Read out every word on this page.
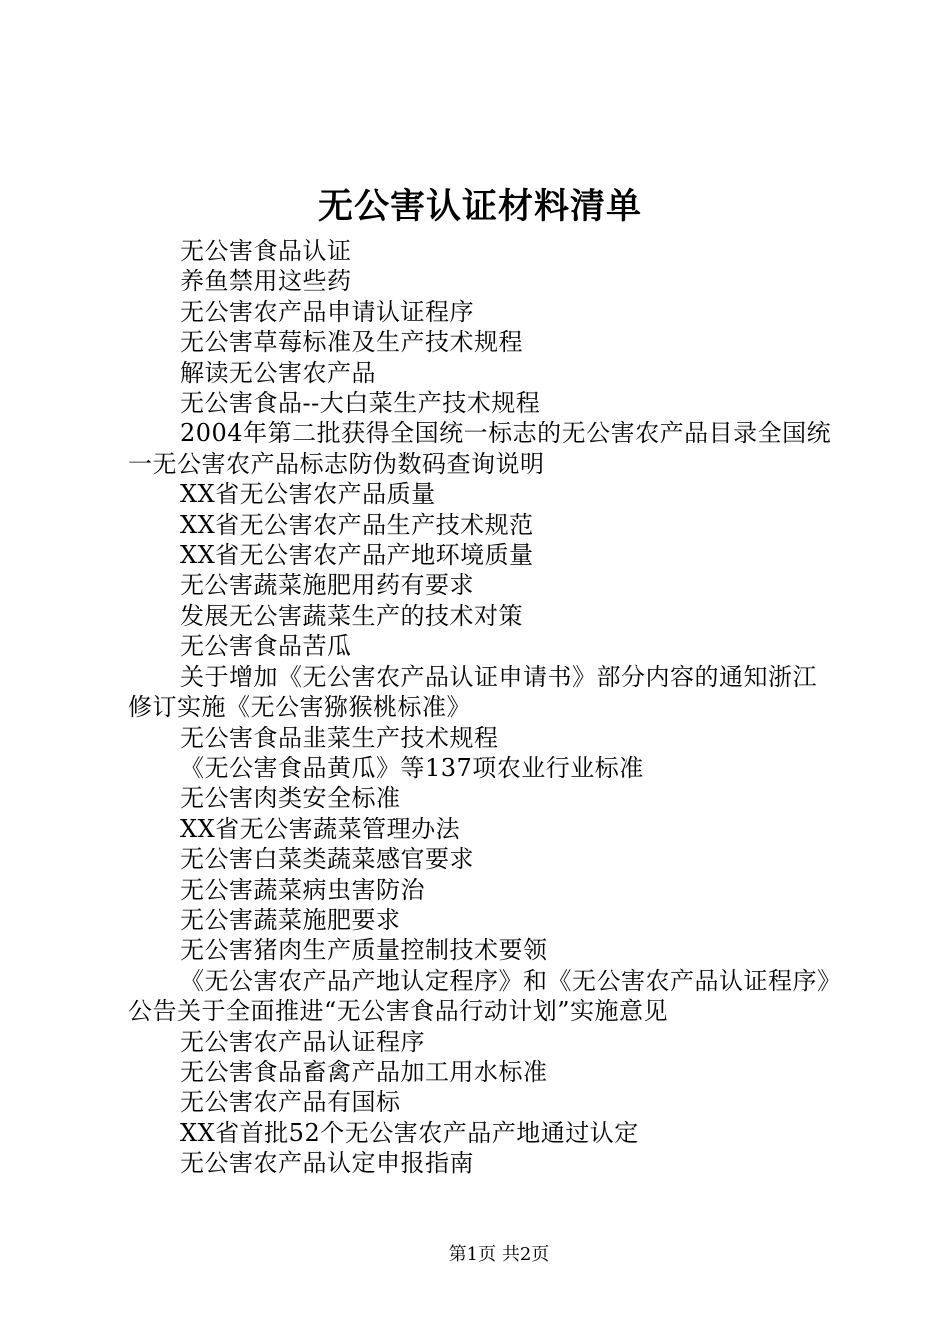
无公害认证材料清单

无公害食品认证

养鱼禁用这些药

无公害农产品申请认证程序

无公害草莓标准及生产技术规程

解读无公害农产品

无公害食品--大白菜生产技术规程

2004年第二批获得全国统一标志的无公害农产品目录全国统一无公害农产品标志防伪数码查询说明

XX省无公害农产品质量

XX省无公害农产品生产技术规范

XX省无公害农产品产地环境质量

无公害蔬菜施肥用药有要求

发展无公害蔬菜生产的技术对策

无公害食品苦瓜

关于增加《无公害农产品认证申请书》部分内容的通知浙江修订实施《无公害猕猴桃标准》

无公害食品韭菜生产技术规程

《无公害食品黄瓜》等137项农业行业标准

无公害肉类安全标准

XX省无公害蔬菜管理办法

无公害白菜类蔬菜感官要求

无公害蔬菜病虫害防治

无公害蔬菜施肥要求

无公害猪肉生产质量控制技术要领

《无公害农产品产地认定程序》和《无公害农产品认证程序》公告关于全面推进“无公害食品行动计划”实施意见

无公害农产品认证程序

无公害食品畜禽产品加工用水标准

无公害农产品有国标

XX省首批52个无公害农产品产地通过认定

无公害农产品认定申报指南

第1页 共2页
